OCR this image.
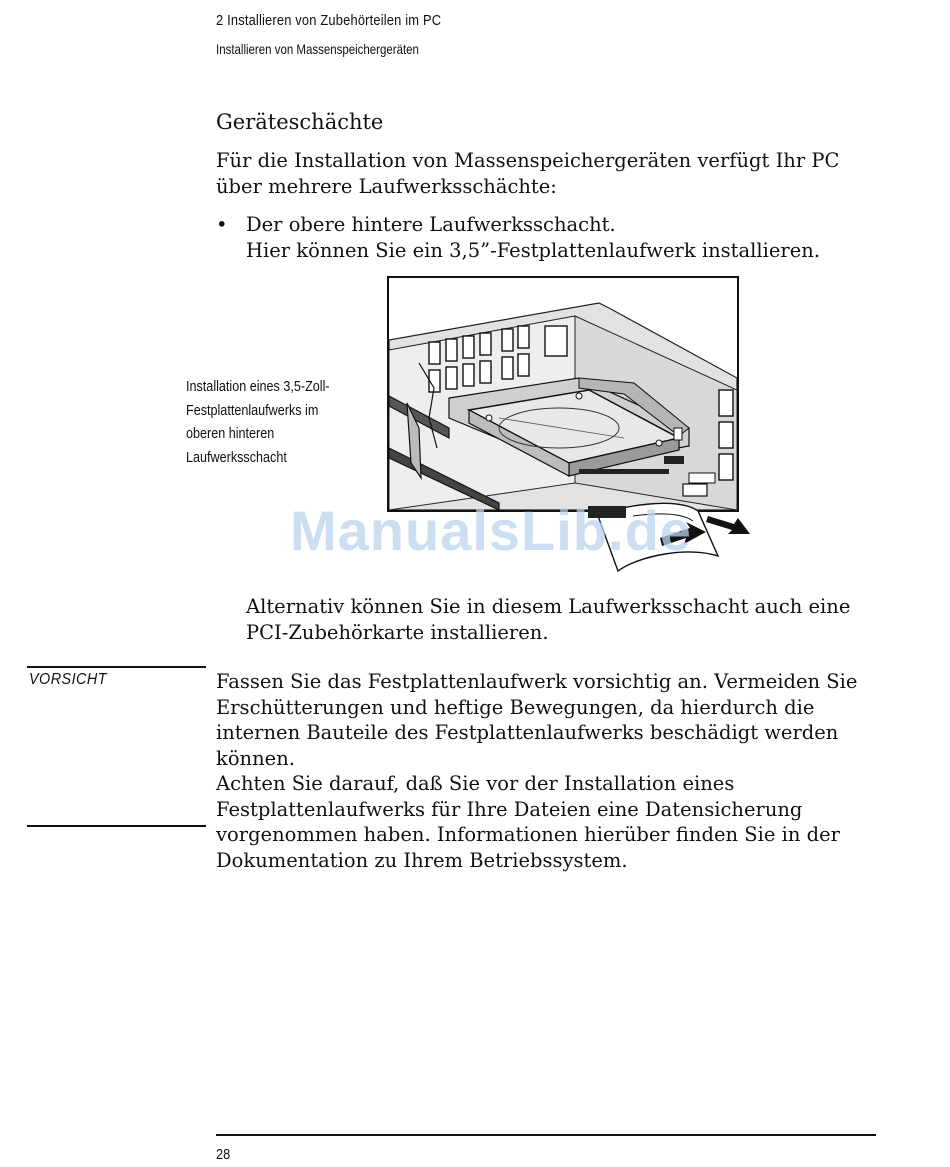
2 Installieren von Zubehörteilen im PC
Installieren von Massenspeichergeräten
Geräteschächte
Für die Installation von Massenspeichergeräten verfügt Ihr PC über mehrere Laufwerksschächte:
• Der obere hintere Laufwerksschacht.
Hier können Sie ein 3,5”-Festplattenlaufwerk installieren.
Installation eines 3,5-Zoll-
Festplattenlaufwerks im
oberen hinteren
Laufwerksschacht
ManualsLib.de
Alternativ können Sie in diesem Laufwerksschacht auch eine PCI-Zubehörkarte installieren.
VORSICHT	Fassen Sie das Festplattenlaufwerk vorsichtig an. Vermeiden Sie Erschütterungen und heftige Bewegungen, da hierdurch die internen Bauteile des Festplattenlaufwerks beschädigt werden können.
Achten Sie darauf, daß Sie vor der Installation eines Festplattenlaufwerks für Ihre Dateien eine Datensicherung vorgenommen haben. Informationen hierüber finden Sie in der Dokumentation zu Ihrem Betriebssystem.
28
